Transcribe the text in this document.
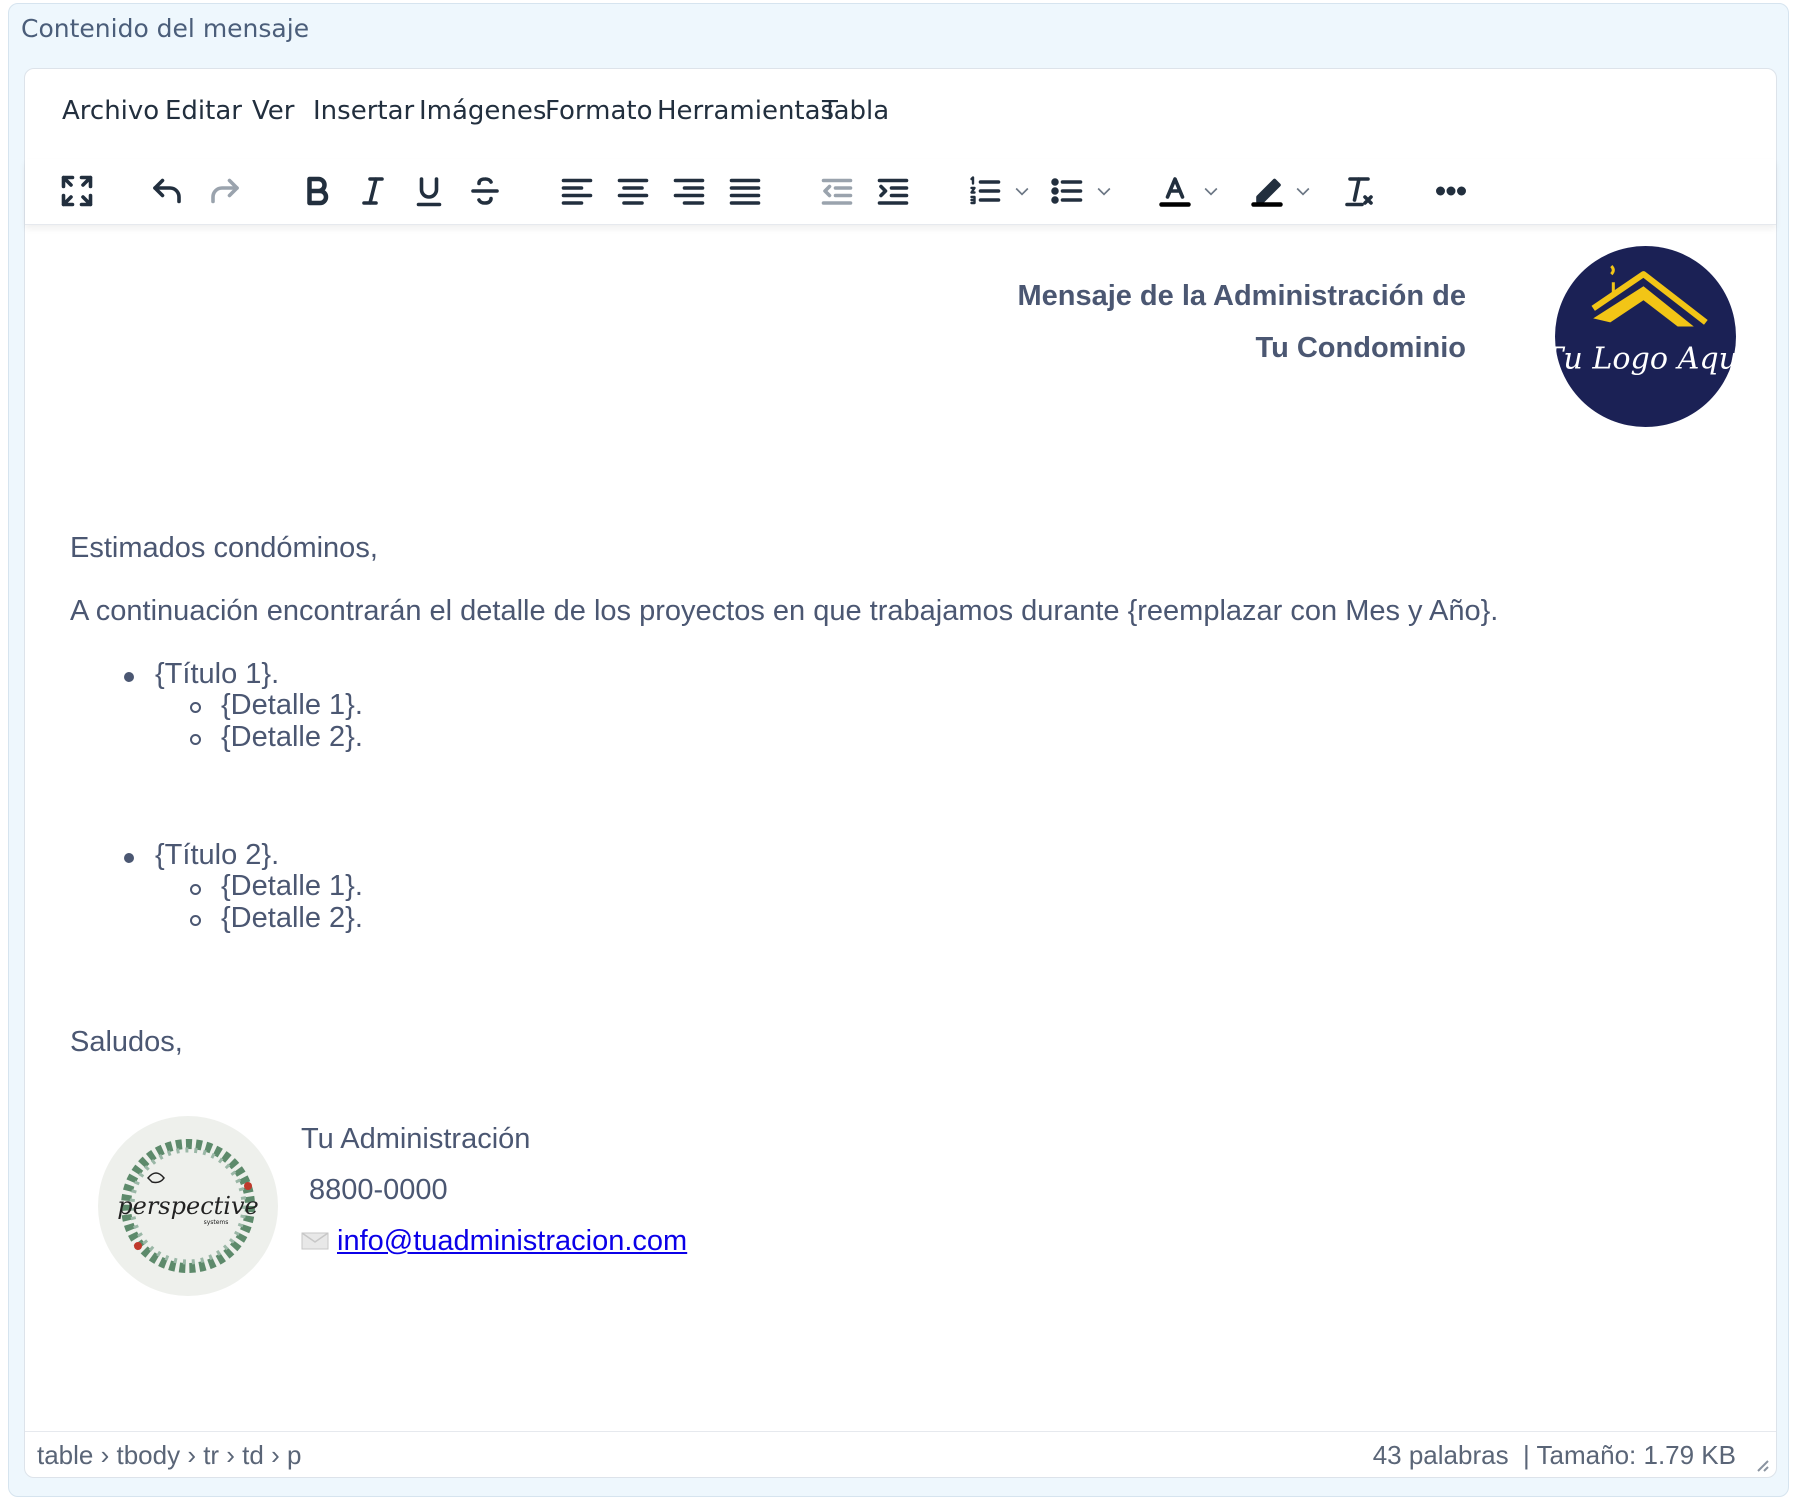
Contenido del mensaje
Archivo Editar Ver Insertar Imágenes
Formato Herramientas
Tabla
Mensaje de la Administración de
Tu Condominio	Tu Logo Aquí
Estimados condóminos,
A continuación encontrarán el detalle de los proyectos en que trabajamos durante {reemplazar con Mes y Año}.
{Título 1}.
{Detalle 1}.
{Detalle 2}.
{Título 2}.
{Detalle 1}.
{Detalle 2}.
Saludos,
perspective
systems
Tu Administración
8800-0000
info@tuadministracion.com
table › tbody › tr › td › p	43 palabras | Tamaño: 1.79 KB
